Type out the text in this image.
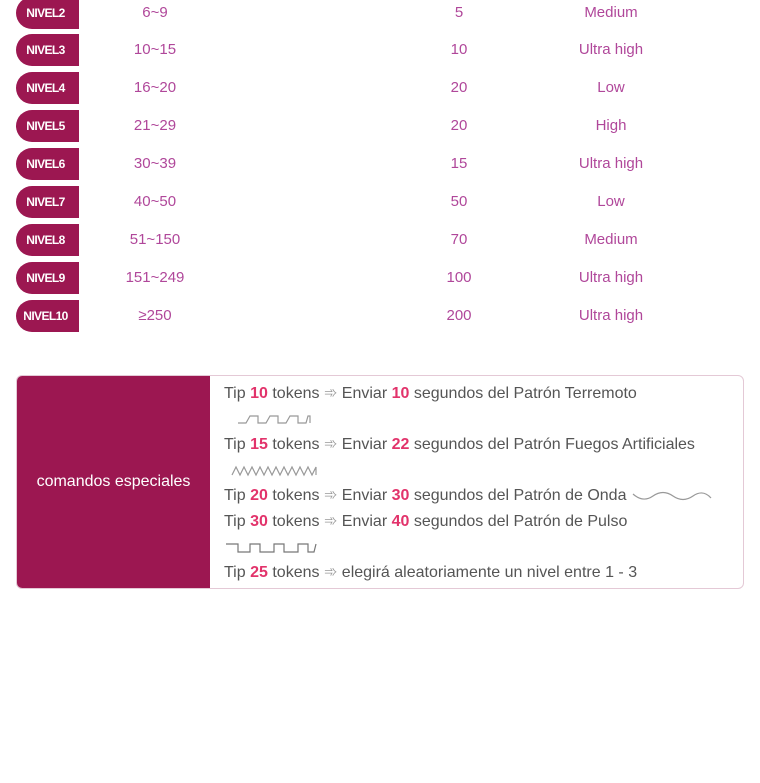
NIVEL2	6~9	5	Medium
NIVEL3	10~15	10	Ultra high
NIVEL4	16~20	20	Low
NIVEL5	21~29	20	High
NIVEL6	30~39	15	Ultra high
NIVEL7	40~50	50	Low
NIVEL8	51~150	70	Medium
NIVEL9	151~249	100	Ultra high
NIVEL10	≥250	200	Ultra high
comandos especiales
Tip 10 tokens ➾ Enviar 10 segundos del Patrón Terremoto
Tip 15 tokens ➾ Enviar 22 segundos del Patrón Fuegos Artificiales
Tip 20 tokens ➾ Enviar 30 segundos del Patrón de Onda
Tip 30 tokens ➾ Enviar 40 segundos del Patrón de Pulso
Tip 25 tokens ➾ elegirá aleatoriamente un nivel entre 1 - 3
